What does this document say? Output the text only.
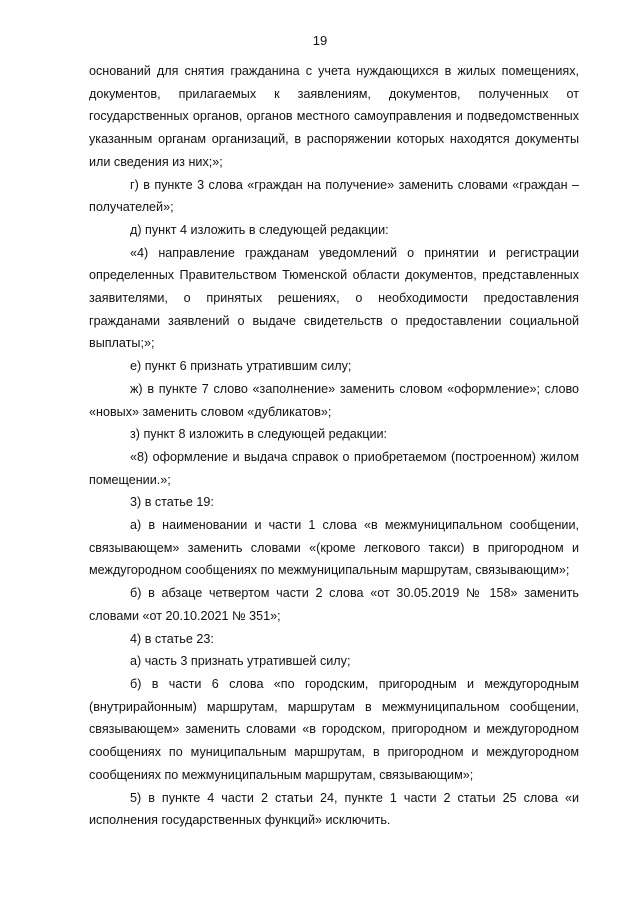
19

оснований для снятия гражданина с учета нуждающихся в жилых помещениях, документов, прилагаемых к заявлениям, документов, полученных от государственных органов, органов местного самоуправления и подведомственных указанным органам организаций, в распоряжении которых находятся документы или сведения из них;»;

г) в пункте 3 слова «граждан на получение» заменить словами «граждан – получателей»;

д) пункт 4 изложить в следующей редакции:

«4) направление гражданам уведомлений о принятии и регистрации определенных Правительством Тюменской области документов, представленных заявителями, о принятых решениях, о необходимости предоставления гражданами заявлений о выдаче свидетельств о предоставлении социальной выплаты;»;

е) пункт 6 признать утратившим силу;

ж) в пункте 7 слово «заполнение» заменить словом «оформление»; слово «новых» заменить словом «дубликатов»;

з) пункт 8 изложить в следующей редакции:

«8) оформление и выдача справок о приобретаемом (построенном) жилом помещении.»;

3) в статье 19:

а) в наименовании и части 1 слова «в межмуниципальном сообщении, связывающем» заменить словами «(кроме легкового такси) в пригородном и междугородном сообщениях по межмуниципальным маршрутам, связывающим»;

б) в абзаце четвертом части 2 слова «от 30.05.2019 № 158» заменить словами «от 20.10.2021 № 351»;

4) в статье 23:

а) часть 3 признать утратившей силу;

б) в части 6 слова «по городским, пригородным и междугородным (внутрирайонным) маршрутам, маршрутам в межмуниципальном сообщении, связывающем» заменить словами «в городском, пригородном и междугородном сообщениях по муниципальным маршрутам, в пригородном и междугородном сообщениях по межмуниципальным маршрутам, связывающим»;

5) в пункте 4 части 2 статьи 24, пункте 1 части 2 статьи 25 слова «и исполнения государственных функций» исключить.
